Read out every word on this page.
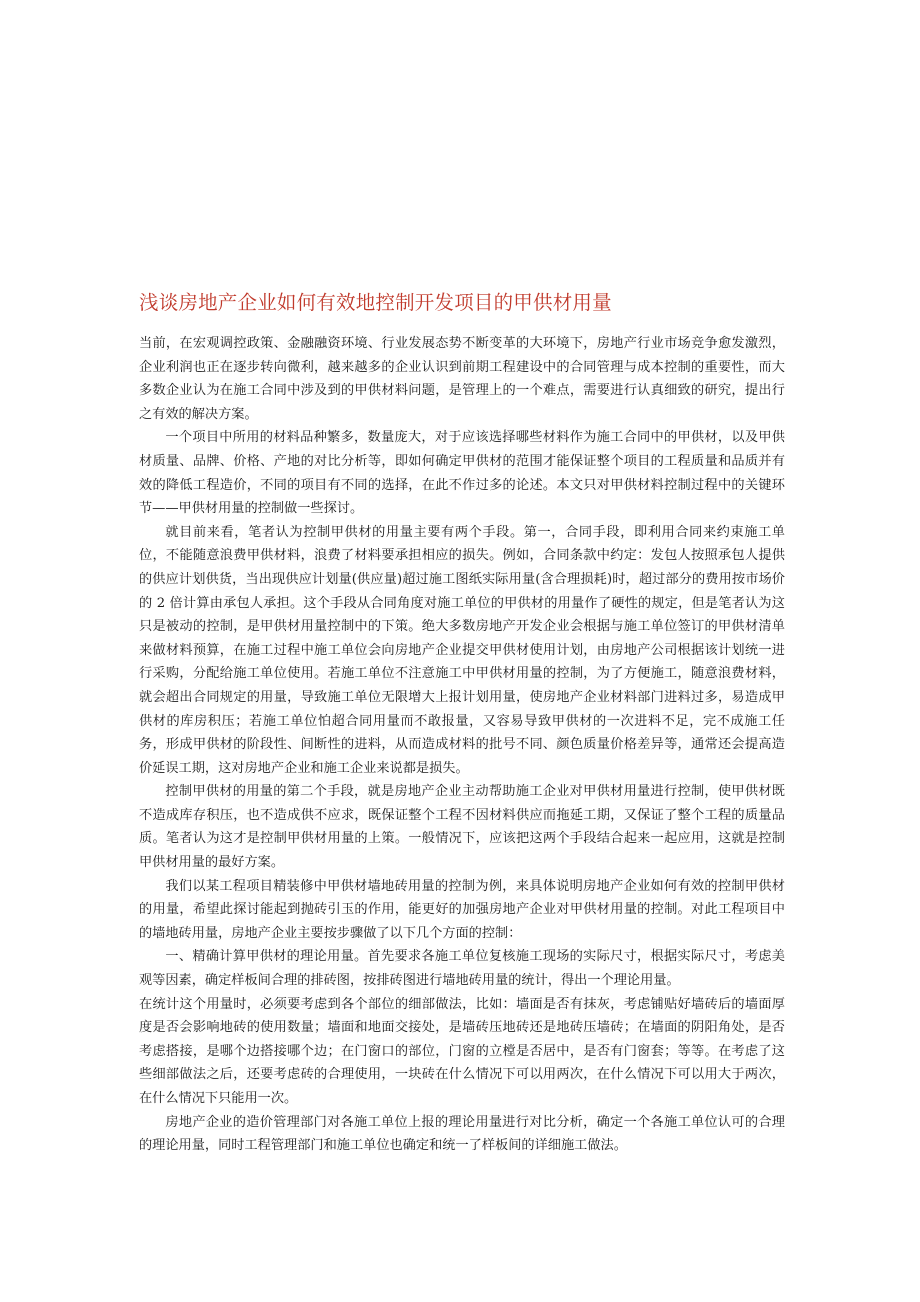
浅谈房地产企业如何有效地控制开发项目的甲供材用量

当前，在宏观调控政策、金融融资环境、行业发展态势不断变革的大环境下，房地产行业市场竞争愈发激烈，企业利润也正在逐步转向微利，越来越多的企业认识到前期工程建设中的合同管理与成本控制的重要性，而大多数企业认为在施工合同中涉及到的甲供材料问题，是管理上的一个难点，需要进行认真细致的研究，提出行之有效的解决方案。

一个项目中所用的材料品种繁多，数量庞大，对于应该选择哪些材料作为施工合同中的甲供材，以及甲供材质量、品牌、价格、产地的对比分析等，即如何确定甲供材的范围才能保证整个项目的工程质量和品质并有效的降低工程造价，不同的项目有不同的选择，在此不作过多的论述。本文只对甲供材料控制过程中的关键环节——甲供材用量的控制做一些探讨。

就目前来看，笔者认为控制甲供材的用量主要有两个手段。第一，合同手段，即利用合同来约束施工单位，不能随意浪费甲供材料，浪费了材料要承担相应的损失。例如，合同条款中约定：发包人按照承包人提供的供应计划供货，当出现供应计划量(供应量)超过施工图纸实际用量(含合理损耗)时，超过部分的费用按市场价的 2 倍计算由承包人承担。这个手段从合同角度对施工单位的甲供材的用量作了硬性的规定，但是笔者认为这只是被动的控制，是甲供材用量控制中的下策。绝大多数房地产开发企业会根据与施工单位签订的甲供材清单来做材料预算，在施工过程中施工单位会向房地产企业提交甲供材使用计划，由房地产公司根据该计划统一进行采购，分配给施工单位使用。若施工单位不注意施工中甲供材用量的控制，为了方便施工，随意浪费材料，就会超出合同规定的用量，导致施工单位无限增大上报计划用量，使房地产企业材料部门进料过多，易造成甲供材的库房积压；若施工单位怕超合同用量而不敢报量，又容易导致甲供材的一次进料不足，完不成施工任务，形成甲供材的阶段性、间断性的进料，从而造成材料的批号不同、颜色质量价格差异等，通常还会提高造价延误工期，这对房地产企业和施工企业来说都是损失。

控制甲供材的用量的第二个手段，就是房地产企业主动帮助施工企业对甲供材用量进行控制，使甲供材既不造成库存积压，也不造成供不应求，既保证整个工程不因材料供应而拖延工期，又保证了整个工程的质量品质。笔者认为这才是控制甲供材用量的上策。一般情况下，应该把这两个手段结合起来一起应用，这就是控制甲供材用量的最好方案。

我们以某工程项目精装修中甲供材墙地砖用量的控制为例，来具体说明房地产企业如何有效的控制甲供材的用量，希望此探讨能起到抛砖引玉的作用，能更好的加强房地产企业对甲供材用量的控制。对此工程项目中的墙地砖用量，房地产企业主要按步骤做了以下几个方面的控制：

一、精确计算甲供材的理论用量。首先要求各施工单位复核施工现场的实际尺寸，根据实际尺寸，考虑美观等因素，确定样板间合理的排砖图，按排砖图进行墙地砖用量的统计，得出一个理论用量。

在统计这个用量时，必须要考虑到各个部位的细部做法，比如：墙面是否有抹灰，考虑铺贴好墙砖后的墙面厚度是否会影响地砖的使用数量；墙面和地面交接处，是墙砖压地砖还是地砖压墙砖；在墙面的阴阳角处，是否考虑搭接，是哪个边搭接哪个边；在门窗口的部位，门窗的立樘是否居中，是否有门窗套；等等。在考虑了这些细部做法之后，还要考虑砖的合理使用，一块砖在什么情况下可以用两次，在什么情况下可以用大于两次，在什么情况下只能用一次。

房地产企业的造价管理部门对各施工单位上报的理论用量进行对比分析，确定一个各施工单位认可的合理的理论用量，同时工程管理部门和施工单位也确定和统一了样板间的详细施工做法。
